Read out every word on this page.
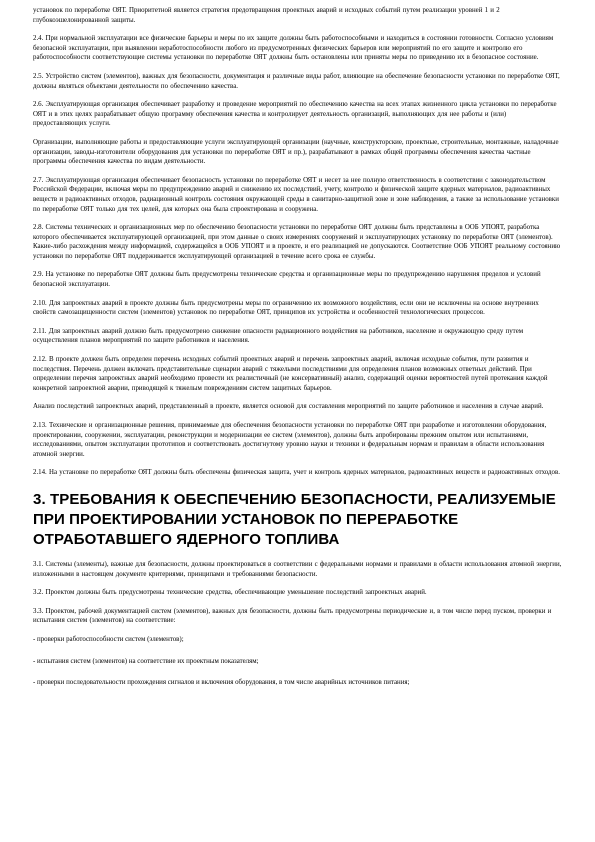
установок по переработке ОЯТ. Приоритетной является стратегия предотвращения проектных аварий и исходных событий путем реализации уровней 1 и 2 глубокоэшелонированной защиты.

2.4. При нормальной эксплуатации все физические барьеры и меры по их защите должны быть работоспособными и находиться в состоянии готовности. Согласно условиям безопасной эксплуатации, при выявлении неработоспособности любого из предусмотренных физических барьеров или мероприятий по его защите и контролю его работоспособности соответствующие системы установки по переработке ОЯТ должны быть остановлены или приняты меры по приведению их в безопасное состояние.

2.5. Устройство систем (элементов), важных для безопасности, документация и различные виды работ, влияющие на обеспечение безопасности установки по переработке ОЯТ, должны являться объектами деятельности по обеспечению качества.

2.6. Эксплуатирующая организация обеспечивает разработку и проведение мероприятий по обеспечению качества на всех этапах жизненного цикла установки по переработке ОЯТ и в этих целях разрабатывает общую программу обеспечения качества и контролирует деятельность организаций, выполняющих для нее работы и (или) предоставляющих услуги.

Организации, выполняющие работы и предоставляющие услуги эксплуатирующей организации (научные, конструкторские, проектные, строительные, монтажные, наладочные организации, заводы-изготовители оборудования для установки по переработке ОЯТ и пр.), разрабатывают в рамках общей программы обеспечения качества частные программы обеспечения качества по видам деятельности.

2.7. Эксплуатирующая организация обеспечивает безопасность установки по переработке ОЯТ и несет за нее полную ответственность в соответствии с законодательством Российской Федерации, включая меры по предупреждению аварий и снижению их последствий, учету, контролю и физической защите ядерных материалов, радиоактивных веществ и радиоактивных отходов, радиационный контроль состояния окружающей среды в санитарно-защитной зоне и зоне наблюдения, а также за использование установки по переработке ОЯТ только для тех целей, для которых она была спроектирована и сооружена.

2.8. Системы технических и организационных мер по обеспечению безопасности установки по переработке ОЯТ должны быть представлены в ООБ УПОЯТ, разработка которого обеспечивается эксплуатирующей организацией, при этом данные о своих измерениях сооружений и эксплуатирующих установку по переработке ОЯТ (элементов). Какие-либо расхождения между информацией, содержащейся в ООБ УПОЯТ и в проекте, и его реализацией не допускаются. Соответствие ООБ УПОЯТ реальному состоянию установки по переработке ОЯТ поддерживается эксплуатирующей организацией в течение всего срока ее службы.

2.9. На установке по переработке ОЯТ должны быть предусмотрены технические средства и организационные меры по предупреждению нарушения пределов и условий безопасной эксплуатации.

2.10. Для запроектных аварий в проекте должны быть предусмотрены меры по ограничению их возможного воздействия, если они не исключены на основе внутренних свойств самозащищенности систем (элементов) установок по переработке ОЯТ, принципов их устройства и особенностей технологических процессов.

2.11. Для запроектных аварий должно быть предусмотрено снижение опасности радиационного воздействия на работников, население и окружающую среду путем осуществления планов мероприятий по защите работников и населения.

2.12. В проекте должен быть определен перечень исходных событий проектных аварий и перечень запроектных аварий, включая исходные события, пути развития и последствия. Перечень должен включать представительные сценарии аварий с тяжелыми последствиями для определения планов возможных ответных действий. При определении перечня запроектных аварий необходимо провести их реалистичный (не консервативный) анализ, содержащий оценки вероятностей путей протекания каждой конкретной запроектной аварии, приводящей к тяжелым повреждениям систем защитных барьеров.

Анализ последствий запроектных аварий, представленный в проекте, является основой для составления мероприятий по защите работников и населения в случае аварий.

2.13. Технические и организационные решения, принимаемые для обеспечения безопасности установки по переработке ОЯТ при разработке и изготовлении оборудования, проектировании, сооружении, эксплуатации, реконструкции и модернизации ее систем (элементов), должны быть апробированы прежним опытом или испытаниями, исследованиями, опытом эксплуатации прототипов и соответствовать достигнутому уровню науки и техники и федеральным нормам и правилам в области использования атомной энергии.

2.14. На установке по переработке ОЯТ должны быть обеспечены физическая защита, учет и контроль ядерных материалов, радиоактивных веществ и радиоактивных отходов.

3. ТРЕБОВАНИЯ К ОБЕСПЕЧЕНИЮ БЕЗОПАСНОСТИ, РЕАЛИЗУЕМЫЕ ПРИ ПРОЕКТИРОВАНИИ УСТАНОВОК ПО ПЕРЕРАБОТКЕ ОТРАБОТАВШЕГО ЯДЕРНОГО ТОПЛИВА

3.1. Системы (элементы), важные для безопасности, должны проектироваться в соответствии с федеральными нормами и правилами в области использования атомной энергии, изложенными в настоящем документе критериями, принципами и требованиями безопасности.

3.2. Проектом должны быть предусмотрены технические средства, обеспечивающие уменьшение последствий запроектных аварий.

3.3. Проектом, рабочей документацией систем (элементов), важных для безопасности, должны быть предусмотрены периодические и, в том числе перед пуском, проверки и испытания систем (элементов) на соответствие:

- проверки работоспособности систем (элементов);

- испытания систем (элементов) на соответствие их проектным показателям;

- проверки последовательности прохождения сигналов и включения оборудования, в том числе аварийных источников питания;
